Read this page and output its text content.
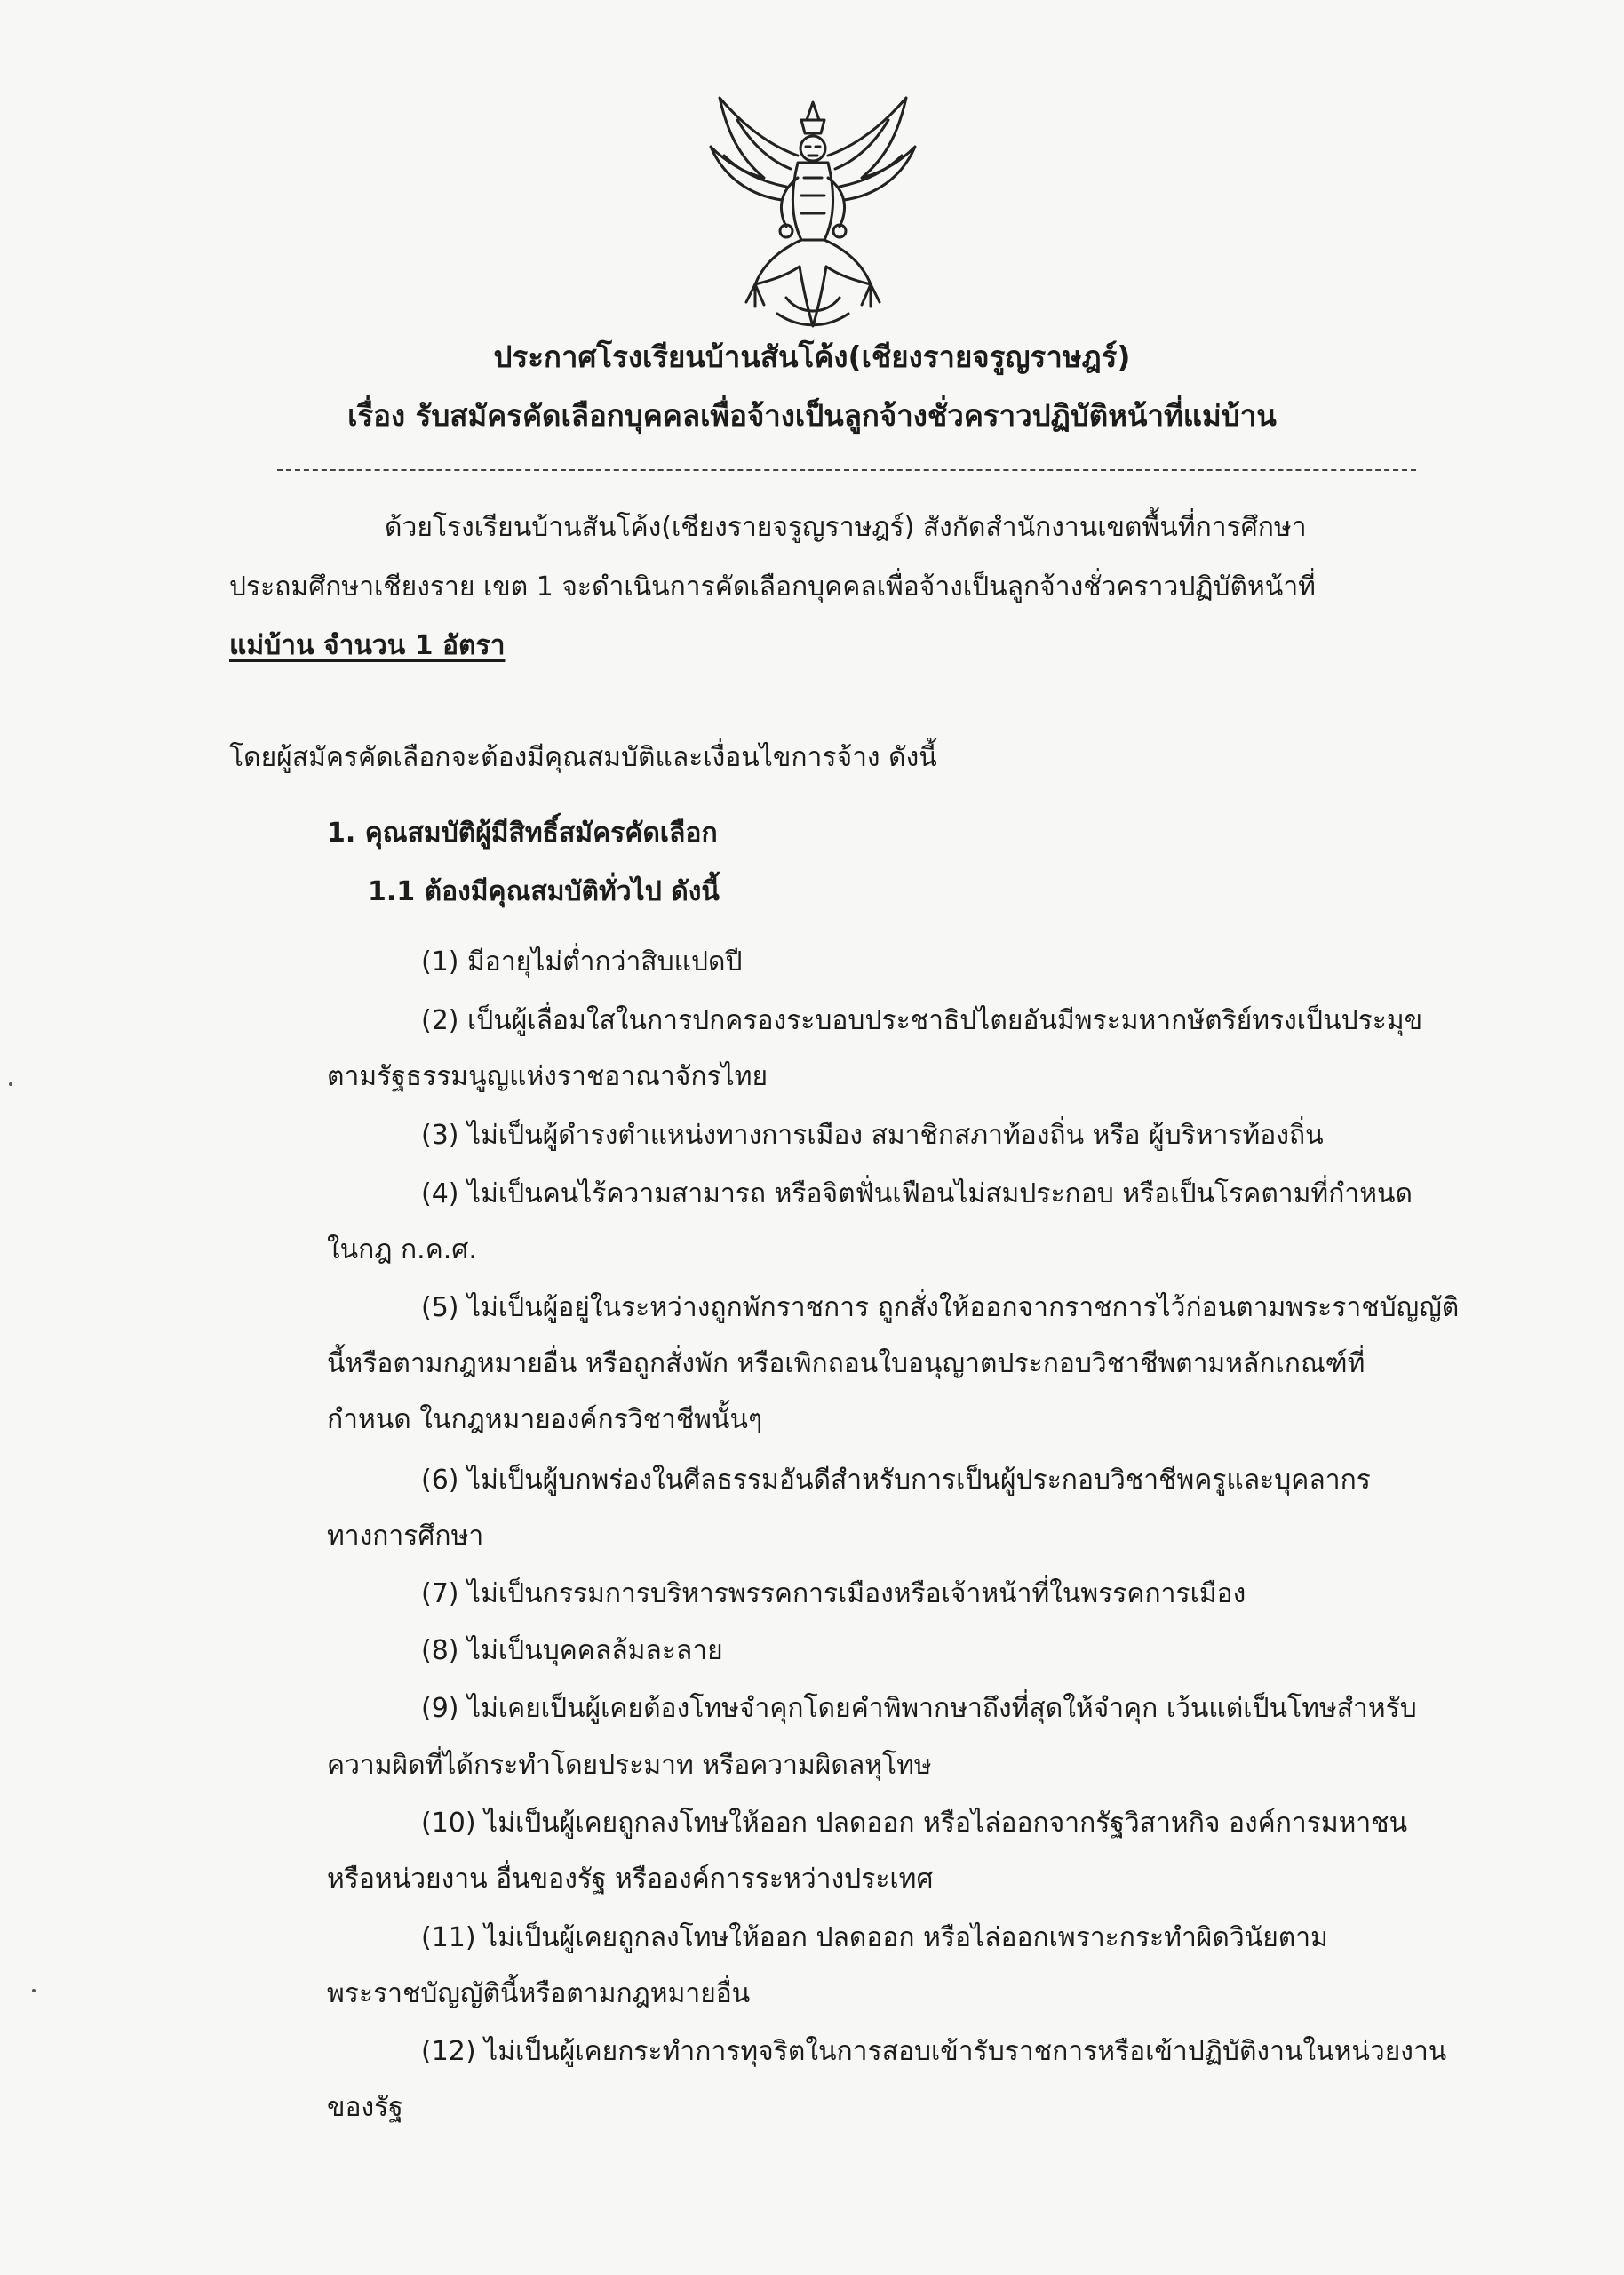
ประกาศโรงเรียนบ้านสันโค้ง(เชียงรายจรูญราษฎร์)
เรื่อง รับสมัครคัดเลือกบุคคลเพื่อจ้างเป็นลูกจ้างชั่วคราวปฏิบัติหน้าที่แม่บ้าน
ด้วยโรงเรียนบ้านสันโค้ง(เชียงรายจรูญราษฎร์) สังกัดสำนักงานเขตพื้นที่การศึกษา
ประถมศึกษาเชียงราย เขต 1 จะดำเนินการคัดเลือกบุคคลเพื่อจ้างเป็นลูกจ้างชั่วคราวปฏิบัติหน้าที่
แม่บ้าน จำนวน 1 อัตรา
โดยผู้สมัครคัดเลือกจะต้องมีคุณสมบัติและเงื่อนไขการจ้าง ดังนี้
1. คุณสมบัติผู้มีสิทธิ์สมัครคัดเลือก
1.1 ต้องมีคุณสมบัติทั่วไป ดังนี้
(1) มีอายุไม่ต่ำกว่าสิบแปดปี
(2) เป็นผู้เลื่อมใสในการปกครองระบอบประชาธิปไตยอันมีพระมหากษัตริย์ทรงเป็นประมุข
ตามรัฐธรรมนูญแห่งราชอาณาจักรไทย
(3) ไม่เป็นผู้ดำรงตำแหน่งทางการเมือง สมาชิกสภาท้องถิ่น หรือ ผู้บริหารท้องถิ่น
(4) ไม่เป็นคนไร้ความสามารถ หรือจิตฟั่นเฟือนไม่สมประกอบ หรือเป็นโรคตามที่กำหนด
ในกฎ ก.ค.ศ.
(5) ไม่เป็นผู้อยู่ในระหว่างถูกพักราชการ ถูกสั่งให้ออกจากราชการไว้ก่อนตามพระราชบัญญัติ
นี้หรือตามกฎหมายอื่น หรือถูกสั่งพัก หรือเพิกถอนใบอนุญาตประกอบวิชาชีพตามหลักเกณฑ์ที่
กำหนด ในกฎหมายองค์กรวิชาชีพนั้นๆ
(6) ไม่เป็นผู้บกพร่องในศีลธรรมอันดีสำหรับการเป็นผู้ประกอบวิชาชีพครูและบุคลากร
ทางการศึกษา
(7) ไม่เป็นกรรมการบริหารพรรคการเมืองหรือเจ้าหน้าที่ในพรรคการเมือง
(8) ไม่เป็นบุคคลล้มละลาย
(9) ไม่เคยเป็นผู้เคยต้องโทษจำคุกโดยคำพิพากษาถึงที่สุดให้จำคุก เว้นแต่เป็นโทษสำหรับ
ความผิดที่ได้กระทำโดยประมาท หรือความผิดลหุโทษ
(10) ไม่เป็นผู้เคยถูกลงโทษให้ออก ปลดออก หรือไล่ออกจากรัฐวิสาหกิจ องค์การมหาชน
หรือหน่วยงาน อื่นของรัฐ หรือองค์การระหว่างประเทศ
(11) ไม่เป็นผู้เคยถูกลงโทษให้ออก ปลดออก หรือไล่ออกเพราะกระทำผิดวินัยตาม
พระราชบัญญัตินี้หรือตามกฎหมายอื่น
(12) ไม่เป็นผู้เคยกระทำการทุจริตในการสอบเข้ารับราชการหรือเข้าปฏิบัติงานในหน่วยงาน
ของรัฐ
